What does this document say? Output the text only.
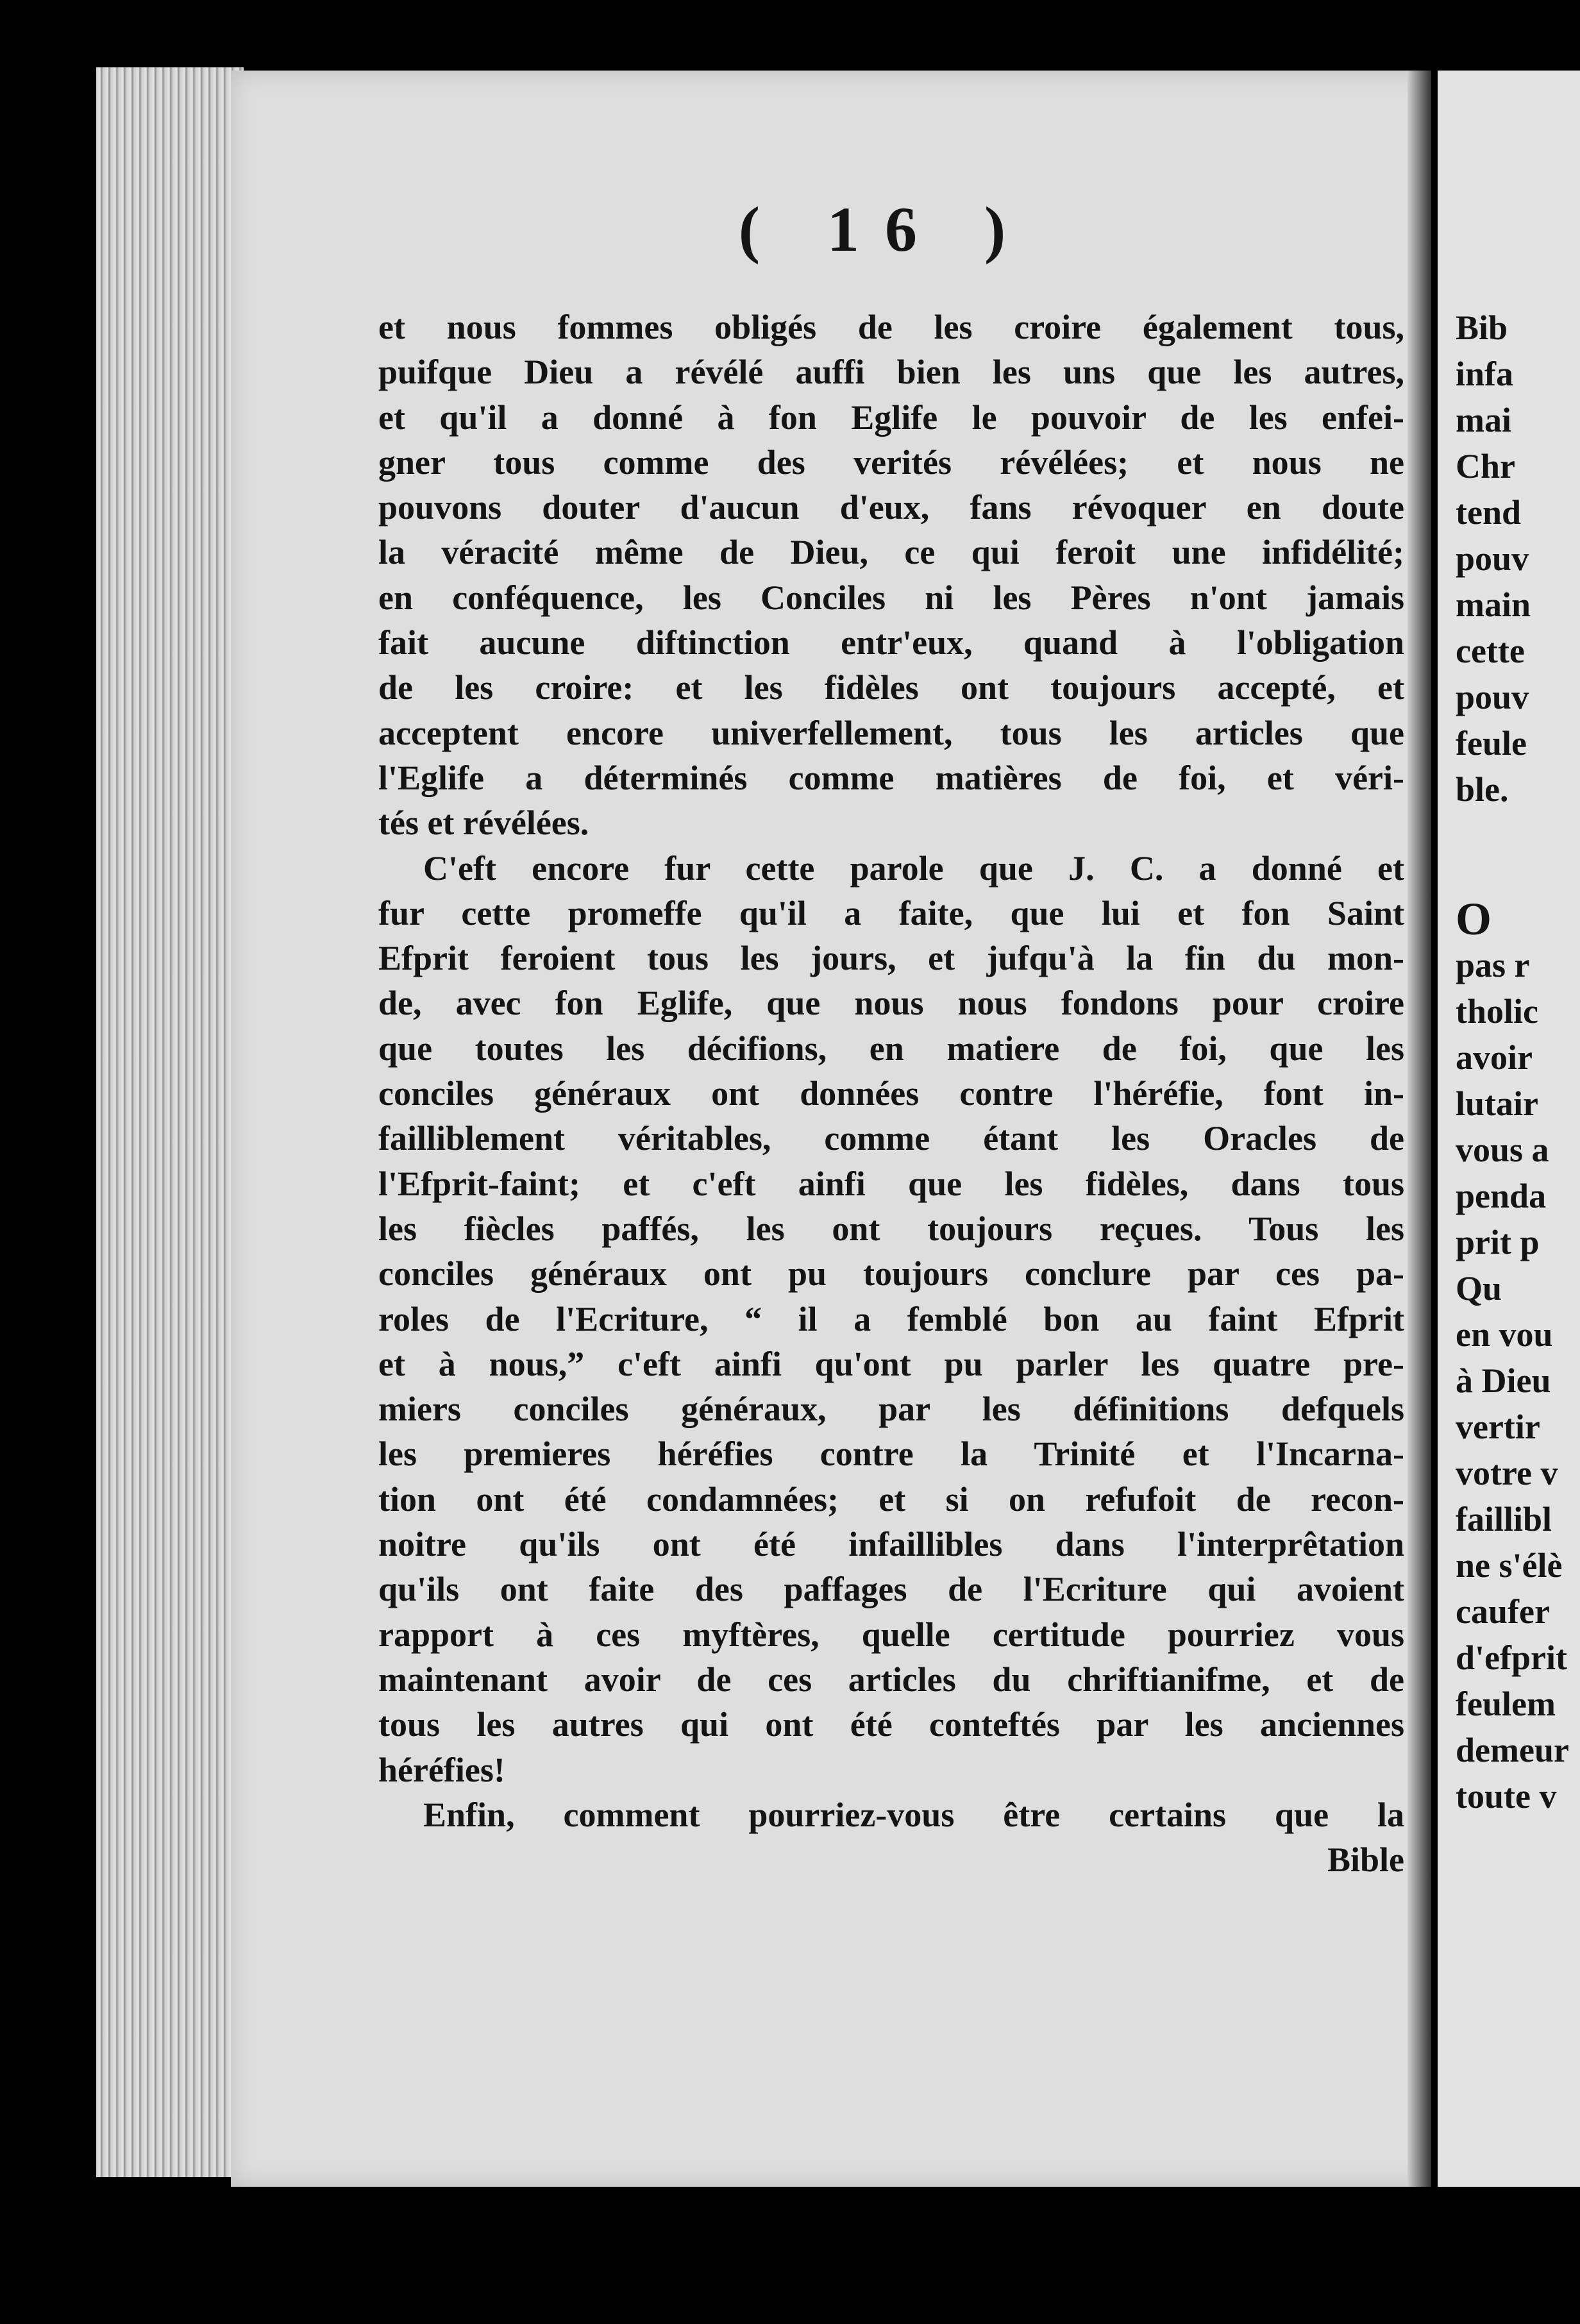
( 16 )
et nous fommes obligés de les croire également tous,
puifque Dieu a révélé auffi bien les uns que les autres,
et qu'il a donné à fon Eglife le pouvoir de les enfei-
gner tous comme des verités révélées; et nous ne
pouvons douter d'aucun d'eux, fans révoquer en doute
la véracité même de Dieu, ce qui feroit une infidélité;
en conféquence, les Conciles ni les Pères n'ont jamais
fait aucune diftinction entr'eux, quand à l'obligation
de les croire: et les fidèles ont toujours accepté, et
acceptent encore univerfellement, tous les articles que
l'Eglife a déterminés comme matières de foi, et véri-
tés et révélées.
C'eft encore fur cette parole que J. C. a donné et
fur cette promeffe qu'il a faite, que lui et fon Saint
Efprit feroient tous les jours, et jufqu'à la fin du mon-
de, avec fon Eglife, que nous nous fondons pour croire
que toutes les décifions, en matiere de foi, que les
conciles généraux ont données contre l'héréfie, font in-
failliblement véritables, comme étant les Oracles de
l'Efprit-faint; et c'eft ainfi que les fidèles, dans tous
les fiècles paffés, les ont toujours reçues. Tous les
conciles généraux ont pu toujours conclure par ces pa-
roles de l'Ecriture, “ il a femblé bon au faint Efprit
et à nous,” c'eft ainfi qu'ont pu parler les quatre pre-
miers conciles généraux, par les définitions defquels
les premieres héréfies contre la Trinité et l'Incarna-
tion ont été condamnées; et si on refufoit de recon-
noitre qu'ils ont été infaillibles dans l'interprêtation
qu'ils ont faite des paffages de l'Ecriture qui avoient
rapport à ces myftères, quelle certitude pourriez vous
maintenant avoir de ces articles du chriftianifme, et de
tous les autres qui ont été conteftés par les anciennes
héréfies!
Enfin, comment pourriez-vous être certains que la
Bible
Bib
infa
mai
Chr
tend
pouv
main
cette
pouv
feule
ble.
O
pas r
tholic
avoir
lutair
vous a
penda
prit p
Qu
en vou
à Dieu
vertir
votre v
faillibl
ne s'élè
caufer
d'efprit
feulem
demeur
toute v
